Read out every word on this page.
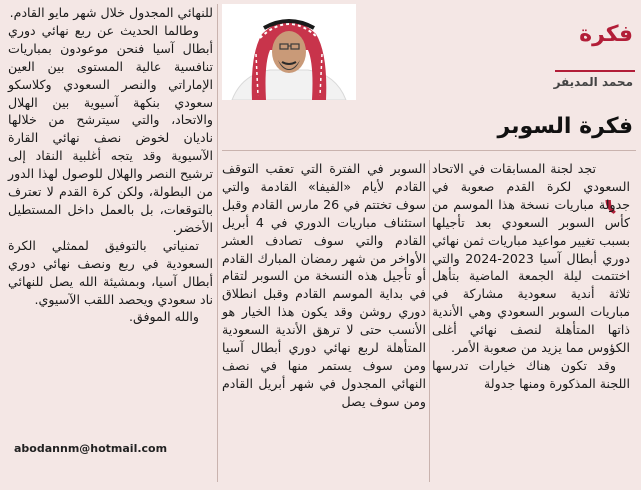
فكرة
محمد المديفر
فكرة السوبر
,

تجد لجنة المسابقات في الاتحاد السعودي لكرة القدم صعوبة في جدولة مباريات نسخة هذا الموسم من كأس السوبر السعودي بعد تأجيلها بسبب تغيير مواعيد مباريات ثمن نهائي دوري أبطال آسيا 2023-2024 والتي اختتمت ليلة الجمعة الماضية بتأهل ثلاثة أندية سعودية مشاركة في مباريات السوبر السعودي وهي الأندية ذاتها المتأهلة لنصف نهائي أغلى الكؤوس مما يزيد من صعوبة الأمر.

وقد تكون هناك خيارات تدرسها اللجنة المذكورة ومنها جدولة

السوبر في الفترة التي تعقب التوقف القادم لأيام «الفيفا» القادمة والتي سوف تختتم في 26 مارس القادم وقبل استئناف مباريات الدوري في 4 أبريل القادم والتي سوف تصادف العشر الأواخر من شهر رمضان المبارك القادم أو تأجيل هذه النسخة من السوبر لتقام في بداية الموسم القادم وقبل انطلاق دوري روشن وقد يكون هذا الخيار هو الأنسب حتى لا ترهق الأندية السعودية المتأهلة لربع نهائي دوري أبطال آسيا ومن سوف يستمر منها في نصف النهائي المجدول في شهر أبريل القادم ومن سوف يصل

للنهائي المجدول خلال شهر مايو القادم.

وطالما الحديث عن ربع نهائي دوري أبطال آسيا فنحن موعودون بمباريات تنافسية عالية المستوى بين العين الإماراتي والنصر السعودي وكلاسكو سعودي بنكهة آسيوية بين الهلال والاتحاد، والتي سيترشح من خلالها ناديان لخوض نصف نهائي القارة الآسيوية وقد يتجه أغلبية النقاد إلى ترشيح النصر والهلال للوصول لهذا الدور من البطولة، ولكن كرة القدم لا تعترف بالتوقعات، بل بالعمل داخل المستطيل الأخضر.

تمنياتي بالتوفيق لممثلي الكرة السعودية في ربع ونصف نهائي دوري أبطال آسيا، وبمشيئة الله يصل للنهائي ناد سعودي ويحصد اللقب الآسيوي.

والله الموفق.

abodannm@hotmail.com
